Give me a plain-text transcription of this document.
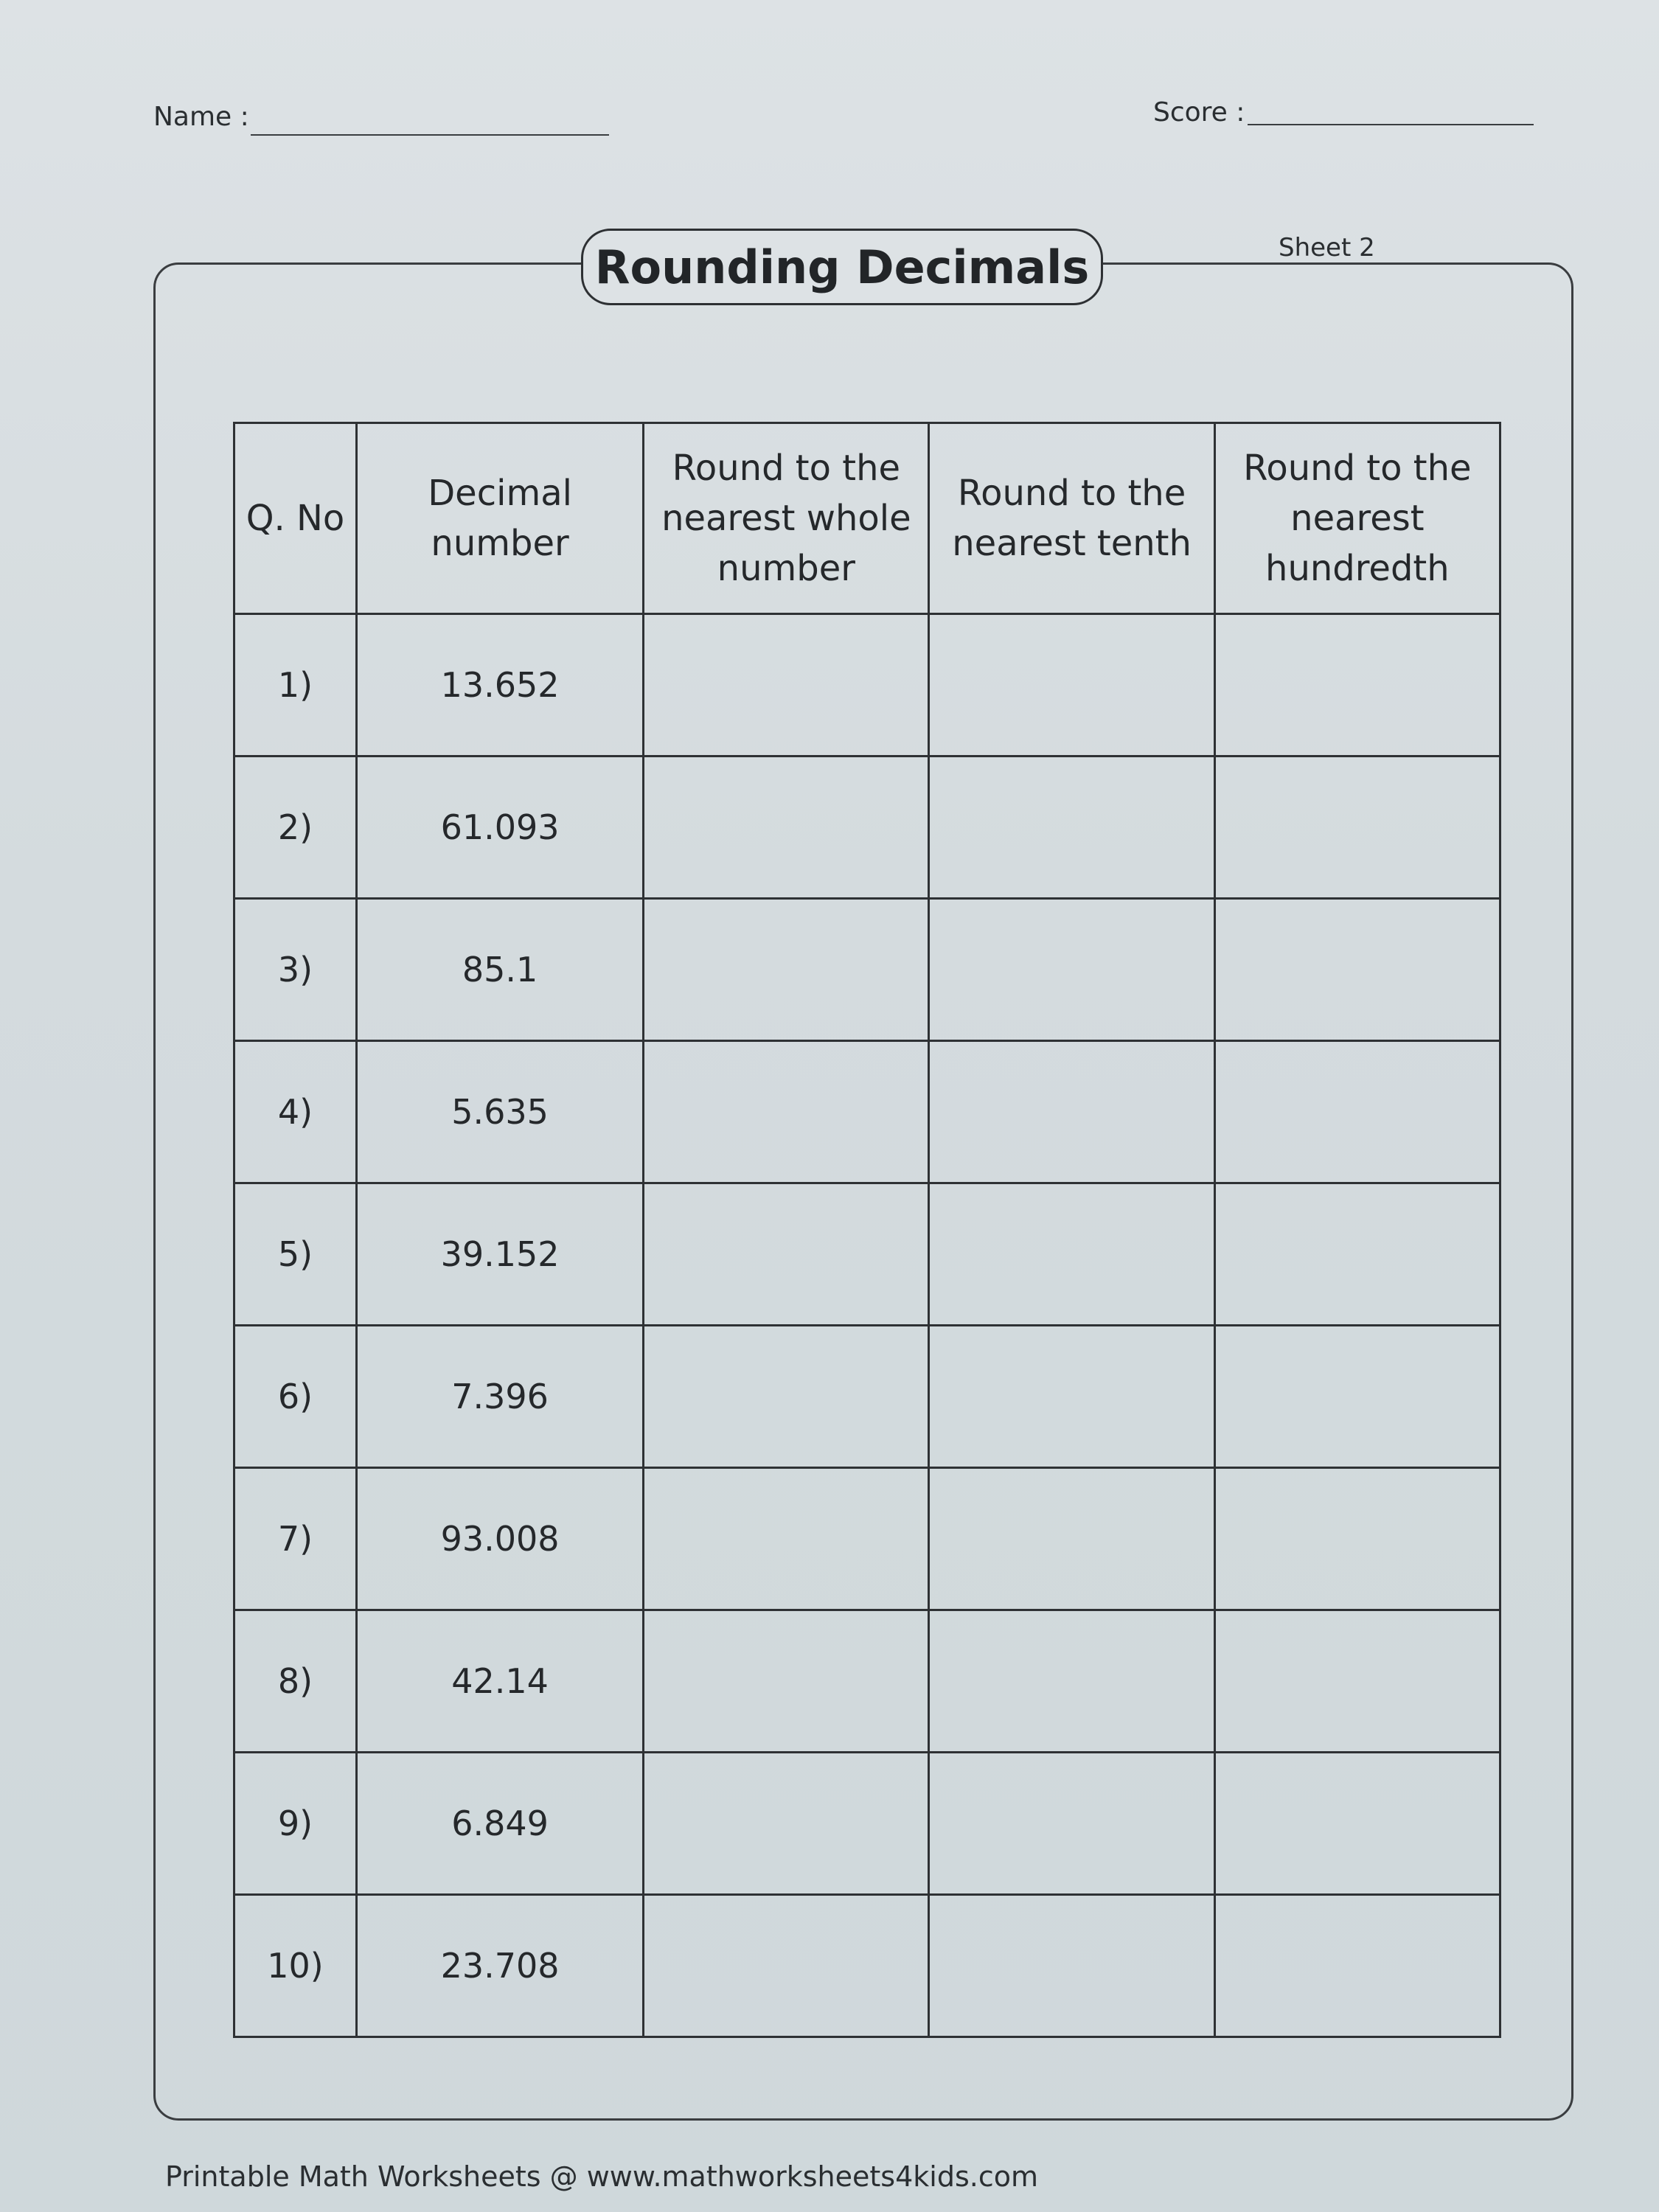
Name :	Score :
Rounding Decimals	Sheet 2
Q. No	Decimal number	Round to the nearest whole number	Round to the nearest tenth	Round to the nearest hundredth
1)	13.652			
2)	61.093			
3)	85.1			
4)	5.635			
5)	39.152			
6)	7.396			
7)	93.008			
8)	42.14			
9)	6.849			
10)	23.708			
Printable Math Worksheets @ www.mathworksheets4kids.com
